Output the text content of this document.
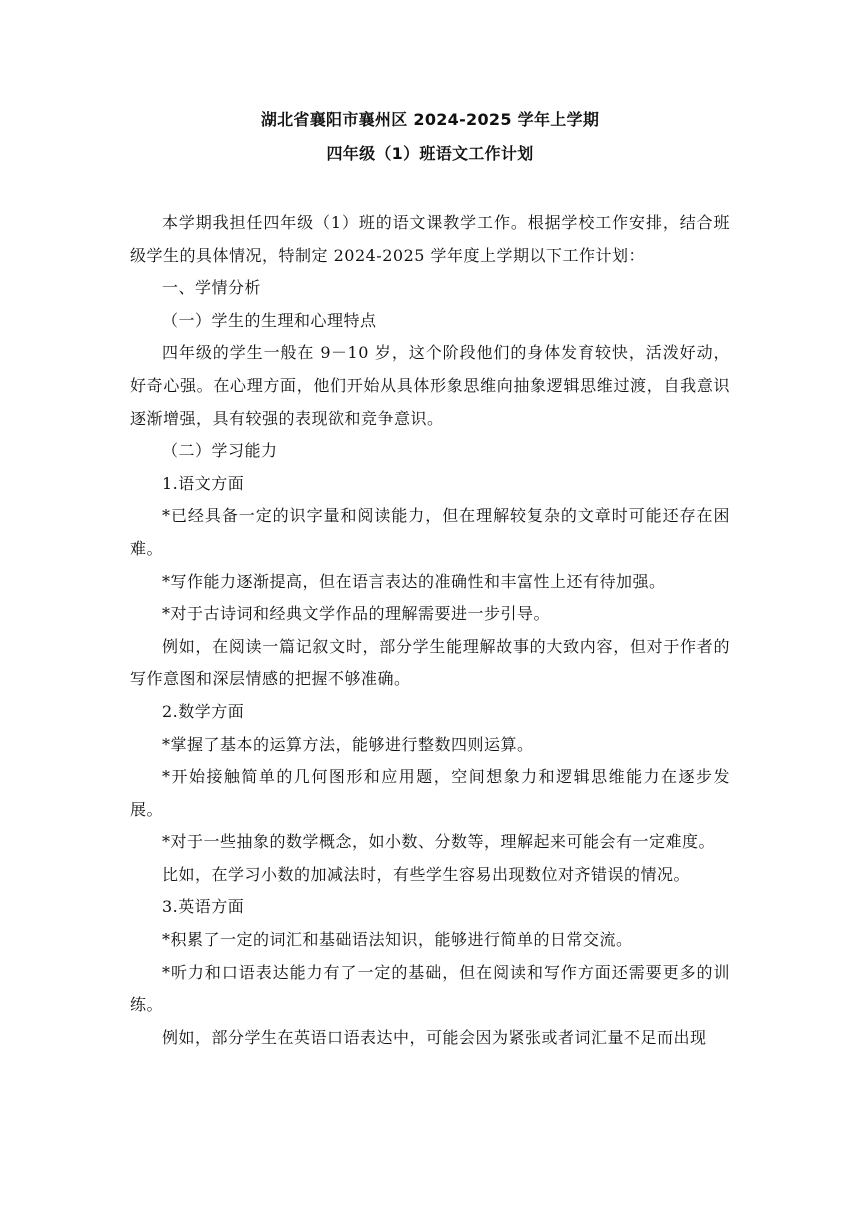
湖北省襄阳市襄州区 2024-2025 学年上学期

四年级（1）班语文工作计划

本学期我担任四年级（1）班的语文课教学工作。根据学校工作安排，结合班级学生的具体情况，特制定 2024-2025 学年度上学期以下工作计划：

一、学情分析

（一）学生的生理和心理特点

四年级的学生一般在 9－10 岁，这个阶段他们的身体发育较快，活泼好动，好奇心强。在心理方面，他们开始从具体形象思维向抽象逻辑思维过渡，自我意识逐渐增强，具有较强的表现欲和竞争意识。

（二）学习能力

1.语文方面

*已经具备一定的识字量和阅读能力，但在理解较复杂的文章时可能还存在困难。

*写作能力逐渐提高，但在语言表达的准确性和丰富性上还有待加强。

*对于古诗词和经典文学作品的理解需要进一步引导。

例如，在阅读一篇记叙文时，部分学生能理解故事的大致内容，但对于作者的写作意图和深层情感的把握不够准确。

2.数学方面

*掌握了基本的运算方法，能够进行整数四则运算。

*开始接触简单的几何图形和应用题，空间想象力和逻辑思维能力在逐步发展。

*对于一些抽象的数学概念，如小数、分数等，理解起来可能会有一定难度。

比如，在学习小数的加减法时，有些学生容易出现数位对齐错误的情况。

3.英语方面

*积累了一定的词汇和基础语法知识，能够进行简单的日常交流。

*听力和口语表达能力有了一定的基础，但在阅读和写作方面还需要更多的训练。

例如，部分学生在英语口语表达中，可能会因为紧张或者词汇量不足而出现
